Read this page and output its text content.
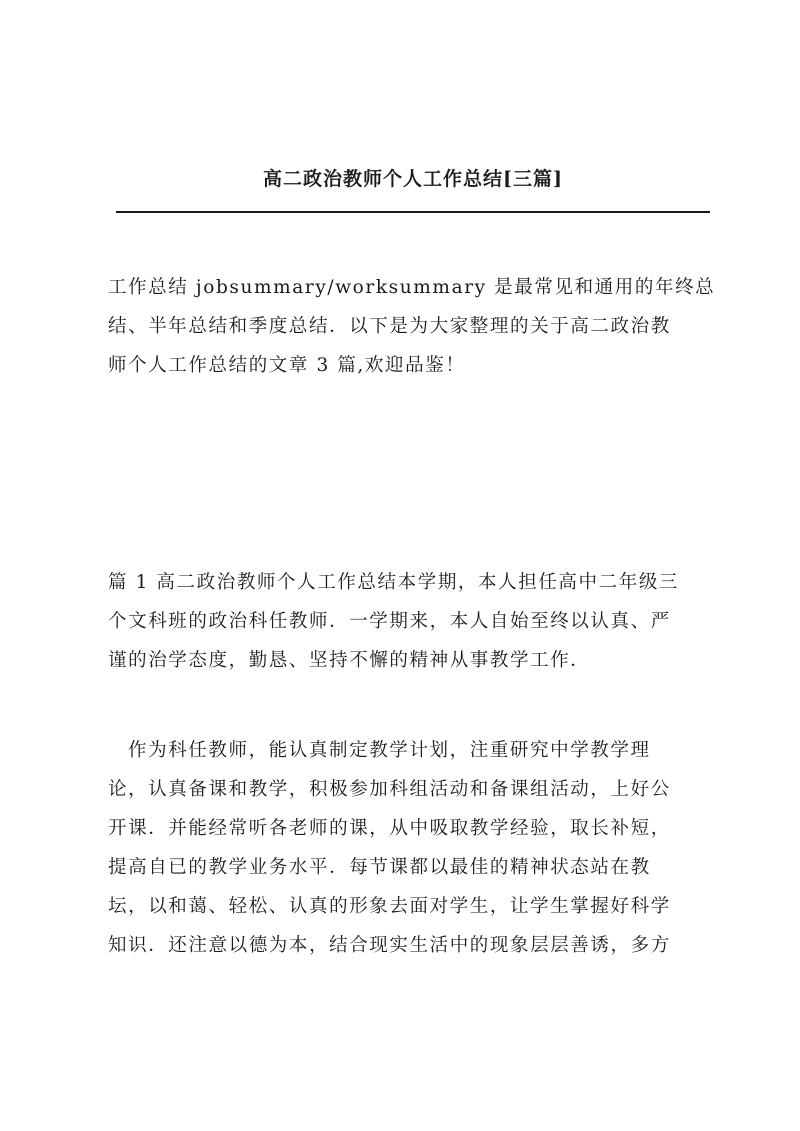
高二政治教师个人工作总结[三篇]

工作总结 jobsummary/worksummary 是最常见和通用的年终总
结、半年总结和季度总结．以下是为大家整理的关于高二政治教
师个人工作总结的文章 3 篇,欢迎品鉴！

篇 1 高二政治教师个人工作总结本学期，本人担任高中二年级三
个文科班的政治科任教师．一学期来，本人自始至终以认真、严
谨的治学态度，勤恳、坚持不懈的精神从事教学工作．

作为科任教师，能认真制定教学计划，注重研究中学教学理
论，认真备课和教学，积极参加科组活动和备课组活动，上好公
开课．并能经常听各老师的课，从中吸取教学经验，取长补短，
提高自已的教学业务水平．每节课都以最佳的精神状态站在教
坛，以和蔼、轻松、认真的形象去面对学生，让学生掌握好科学
知识．还注意以德为本，结合现实生活中的现象层层善诱，多方
